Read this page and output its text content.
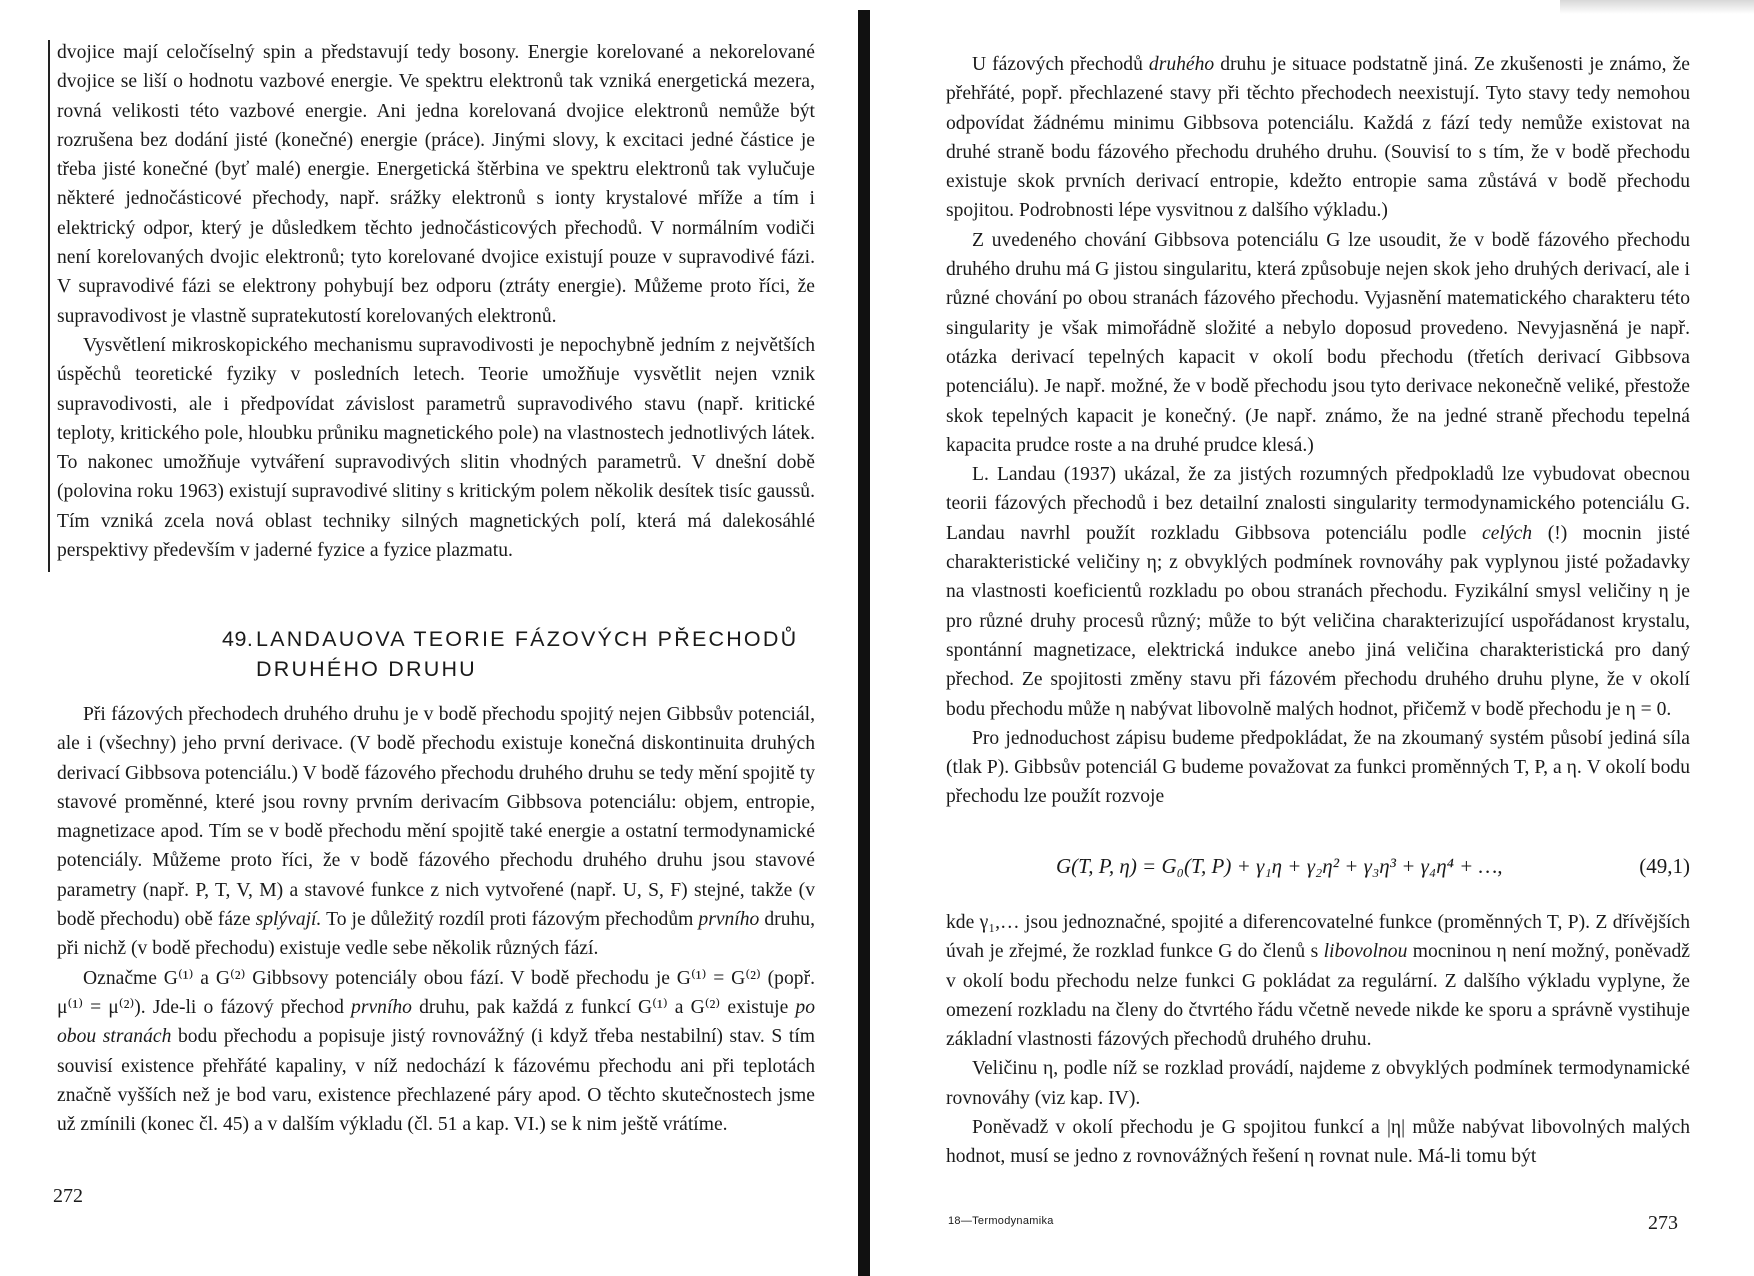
dvojice mají celočíselný spin a představují tedy bosony. Energie korelované a nekorelované dvojice se liší o hodnotu vazbové energie. Ve spektru elektronů tak vzniká energetická mezera, rovná velikosti této vazbové energie. Ani jedna korelovaná dvojice elektronů nemůže být rozrušena bez dodání jisté (konečné) energie (práce). Jinými slovy, k excitaci jedné částice je třeba jisté konečné (byť malé) energie. Energetická štěrbina ve spektru elektronů tak vylučuje některé jednočásticové přechody, např. srážky elektronů s ionty krystalové mříže a tím i elektrický odpor, který je důsledkem těchto jednočásticových přechodů. V normálním vodiči není korelovaných dvojic elektronů; tyto korelované dvojice existují pouze v supravodivé fázi. V supravodivé fázi se elektrony pohybují bez odporu (ztráty energie). Můžeme proto říci, že supravodivost je vlastně supratekutostí korelovaných elektronů.

Vysvětlení mikroskopického mechanismu supravodivosti je nepochybně jedním z největších úspěchů teoretické fyziky v posledních letech. Teorie umožňuje vysvětlit nejen vznik supravodivosti, ale i předpovídat závislost parametrů supravodivého stavu (např. kritické teploty, kritického pole, hloubku průniku magnetického pole) na vlastnostech jednotlivých látek. To nakonec umožňuje vytváření supravodivých slitin vhodných parametrů. V dnešní době (polovina roku 1963) existují supravodivé slitiny s kritickým polem několik desítek tisíc gaussů. Tím vzniká zcela nová oblast techniky silných magnetických polí, která má dalekosáhlé perspektivy především v jaderné fyzice a fyzice plazmatu.

49. LANDAUOVA TEORIE FÁZOVÝCH PŘECHODŮ
DRUHÉHO DRUHU

Při fázových přechodech druhého druhu je v bodě přechodu spojitý nejen Gibbsův potenciál, ale i (všechny) jeho první derivace. (V bodě přechodu existuje konečná diskontinuita druhých derivací Gibbsova potenciálu.) V bodě fázového přechodu druhého druhu se tedy mění spojitě ty stavové proměnné, které jsou rovny prvním derivacím Gibbsova potenciálu: objem, entropie, magnetizace apod. Tím se v bodě přechodu mění spojitě také energie a ostatní termodynamické potenciály. Můžeme proto říci, že v bodě fázového přechodu druhého druhu jsou stavové parametry (např. P, T, V, M) a stavové funkce z nich vytvořené (např. U, S, F) stejné, takže (v bodě přechodu) obě fáze splývají. To je důležitý rozdíl proti fázovým přechodům prvního druhu, při nichž (v bodě přechodu) existuje vedle sebe několik různých fází.

Označme G⁽¹⁾ a G⁽²⁾ Gibbsovy potenciály obou fází. V bodě přechodu je G⁽¹⁾ = G⁽²⁾ (popř. μ⁽¹⁾ = μ⁽²⁾). Jde-li o fázový přechod prvního druhu, pak každá z funkcí G⁽¹⁾ a G⁽²⁾ existuje po obou stranách bodu přechodu a popisuje jistý rovnovážný (i když třeba nestabilní) stav. S tím souvisí existence přehřáté kapaliny, v níž nedochází k fázovému přechodu ani při teplotách značně vyšších než je bod varu, existence přechlazené páry apod. O těchto skutečnostech jsme už zmínili (konec čl. 45) a v dalším výkladu (čl. 51 a kap. VI.) se k nim ještě vrátíme.

272

U fázových přechodů druhého druhu je situace podstatně jiná. Ze zkušenosti je známo, že přehřáté, popř. přechlazené stavy při těchto přechodech neexistují. Tyto stavy tedy nemohou odpovídat žádnému minimu Gibbsova potenciálu. Každá z fází tedy nemůže existovat na druhé straně bodu fázového přechodu druhého druhu. (Souvisí to s tím, že v bodě přechodu existuje skok prvních derivací entropie, kdežto entropie sama zůstává v bodě přechodu spojitou. Podrobnosti lépe vysvitnou z dalšího výkladu.)

Z uvedeného chování Gibbsova potenciálu G lze usoudit, že v bodě fázového přechodu druhého druhu má G jistou singularitu, která způsobuje nejen skok jeho druhých derivací, ale i různé chování po obou stranách fázového přechodu. Vyjasnění matematického charakteru této singularity je však mimořádně složité a nebylo doposud provedeno. Nevyjasněná je např. otázka derivací tepelných kapacit v okolí bodu přechodu (třetích derivací Gibbsova potenciálu). Je např. možné, že v bodě přechodu jsou tyto derivace nekonečně veliké, přestože skok tepelných kapacit je konečný. (Je např. známo, že na jedné straně přechodu tepelná kapacita prudce roste a na druhé prudce klesá.)

L. Landau (1937) ukázal, že za jistých rozumných předpokladů lze vybudovat obecnou teorii fázových přechodů i bez detailní znalosti singularity termodynamického potenciálu G. Landau navrhl použít rozkladu Gibbsova potenciálu podle celých (!) mocnin jisté charakteristické veličiny η; z obvyklých podmínek rovnováhy pak vyplynou jisté požadavky na vlastnosti koeficientů rozkladu po obou stranách přechodu. Fyzikální smysl veličiny η je pro různé druhy procesů různý; může to být veličina charakterizující uspořádanost krystalu, spontánní magnetizace, elektrická indukce anebo jiná veličina charakteristická pro daný přechod. Ze spojitosti změny stavu při fázovém přechodu druhého druhu plyne, že v okolí bodu přechodu může η nabývat libovolně malých hodnot, přičemž v bodě přechodu je η = 0.

Pro jednoduchost zápisu budeme předpokládat, že na zkoumaný systém působí jediná síla (tlak P). Gibbsův potenciál G budeme považovat za funkci proměnných T, P, a η. V okolí bodu přechodu lze použít rozvoje

G(T, P, η) = G₀(T, P) + γ₁η + γ₂η² + γ₃η³ + γ₄η⁴ + …,	(49,1)

kde γ₁,… jsou jednoznačné, spojité a diferencovatelné funkce (proměnných T, P). Z dřívějších úvah je zřejmé, že rozklad funkce G do členů s libovolnou mocninou η není možný, poněvadž v okolí bodu přechodu nelze funkci G pokládat za regulární. Z dalšího výkladu vyplyne, že omezení rozkladu na členy do čtvrtého řádu včetně nevede nikde ke sporu a správně vystihuje základní vlastnosti fázových přechodů druhého druhu.

Veličinu η, podle níž se rozklad provádí, najdeme z obvyklých podmínek termodynamické rovnováhy (viz kap. IV).

Poněvadž v okolí přechodu je G spojitou funkcí a |η| může nabývat libovolných malých hodnot, musí se jedno z rovnovážných řešení η rovnat nule. Má-li tomu být

18—Termodynamika	273
